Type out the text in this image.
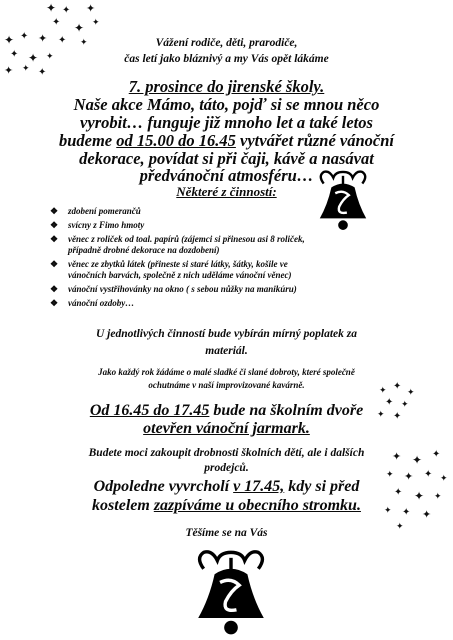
✦ ✦ ✦
✦ ✦ ✦
✦ ✦ ✦ ✦ ✦
✦ ✦ ✦
✦ ✦ ✦
✦ ✦ ✦
✦ ✦
✦ ✦
✦ ✦ ✦
✦ ✦ ✦ ✦
✦ ✦ ✦
✦ ✦ ✦
✦

Vážení rodiče, děti, prarodiče,

čas letí jako bláznivý a my Vás opět lákáme

7. prosince do jirenské školy.

Naše akce Mámo, táto, pojď si se mnou něco

vyrobit… funguje již mnoho let a také letos

budeme od 15.00 do 16.45 vytvářet různé vánoční

dekorace, povídat si při čaji, kávě a nasávat

předvánoční atmosféru…

Některé z činností:

❖ zdobení pomerančů
❖ svícny z Fimo hmoty
❖ věnec z roliček od toal. papírů (zájemci si přinesou asi 8 roliček,
případně drobné dekorace na dozdobení)
❖ věnec ze zbytků látek (přineste si staré látky, šátky, košile ve
vánočních barvách, společně z nich uděláme vánoční věnec)
❖ vánoční vystřihovánky na okno ( s sebou nůžky na manikúru)
❖ vánoční ozdoby…

U jednotlivých činností bude vybírán mírný poplatek za

materiál.

Jako každý rok žádáme o malé sladké či slané dobroty, které společně

ochutnáme v naší improvizované kavárně.

Od 16.45 do 17.45 bude na školním dvoře

otevřen vánoční jarmark.

Budete moci zakoupit drobnosti školních dětí, ale i dalších

prodejců.

Odpoledne vyvrcholí v 17.45, kdy si před

kostelem zazpíváme u obecního stromku.

Těšíme se na Vás
